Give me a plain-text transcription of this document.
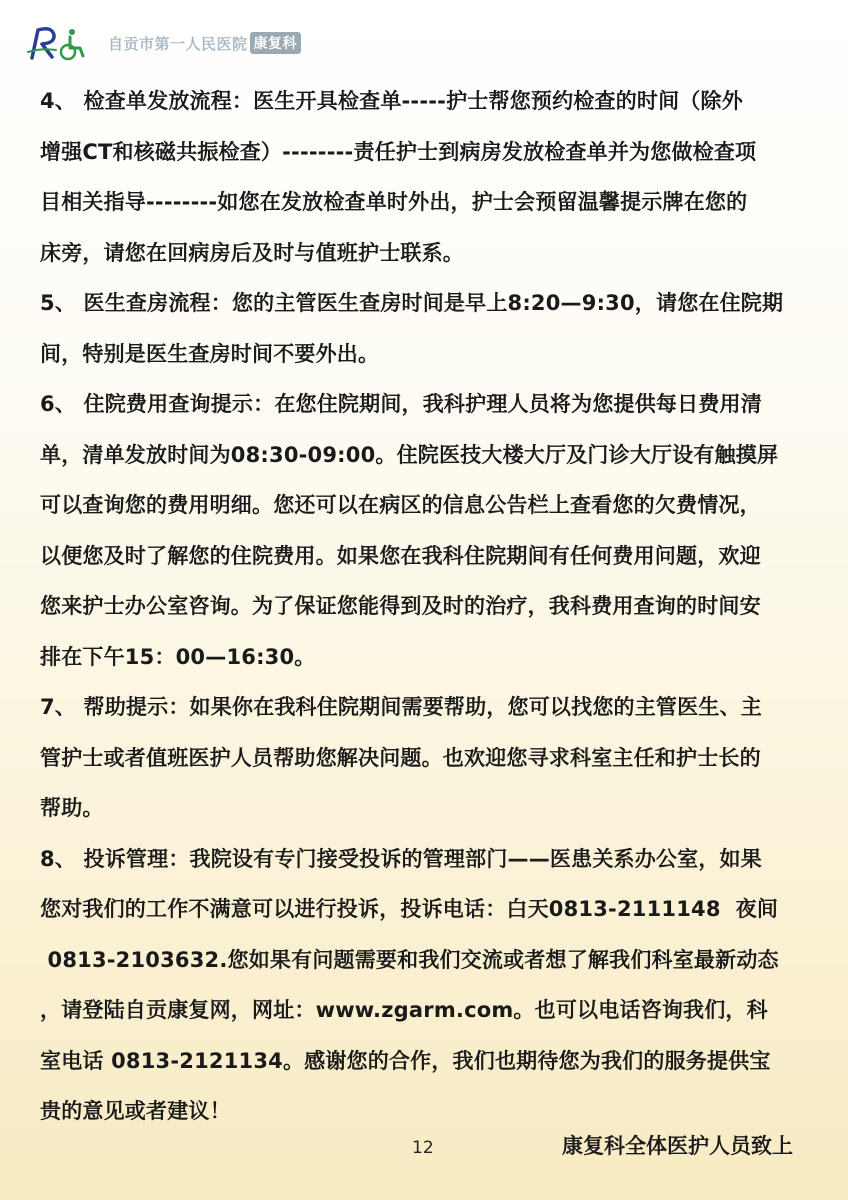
自贡市第一人民医院 康复科
4、 检查单发放流程：医生开具检查单-----护士帮您预约检查的时间（除外
增强CT和核磁共振检查）--------责任护士到病房发放检查单并为您做检查项
目相关指导--------如您在发放检查单时外出，护士会预留温馨提示牌在您的
床旁，请您在回病房后及时与值班护士联系。
5、 医生查房流程：您的主管医生查房时间是早上8:20—9:30，请您在住院期
间，特别是医生查房时间不要外出。
6、 住院费用查询提示：在您住院期间，我科护理人员将为您提供每日费用清
单，清单发放时间为08:30-09:00。住院医技大楼大厅及门诊大厅设有触摸屏
可以查询您的费用明细。您还可以在病区的信息公告栏上查看您的欠费情况，
以便您及时了解您的住院费用。如果您在我科住院期间有任何费用问题，欢迎
您来护士办公室咨询。为了保证您能得到及时的治疗，我科费用查询的时间安
排在下午15：00—16:30。
7、 帮助提示：如果你在我科住院期间需要帮助，您可以找您的主管医生、主
管护士或者值班医护人员帮助您解决问题。也欢迎您寻求科室主任和护士长的
帮助。
8、 投诉管理：我院设有专门接受投诉的管理部门——医患关系办公室，如果
您对我们的工作不满意可以进行投诉，投诉电话：白天0813-2111148  夜间
0813-2103632.您如果有问题需要和我们交流或者想了解我们科室最新动态
，请登陆自贡康复网，网址：www.zgarm.com。也可以电话咨询我们，科
室电话 0813-2121134。感谢您的合作，我们也期待您为我们的服务提供宝
贵的意见或者建议！
12	康复科全体医护人员致上
